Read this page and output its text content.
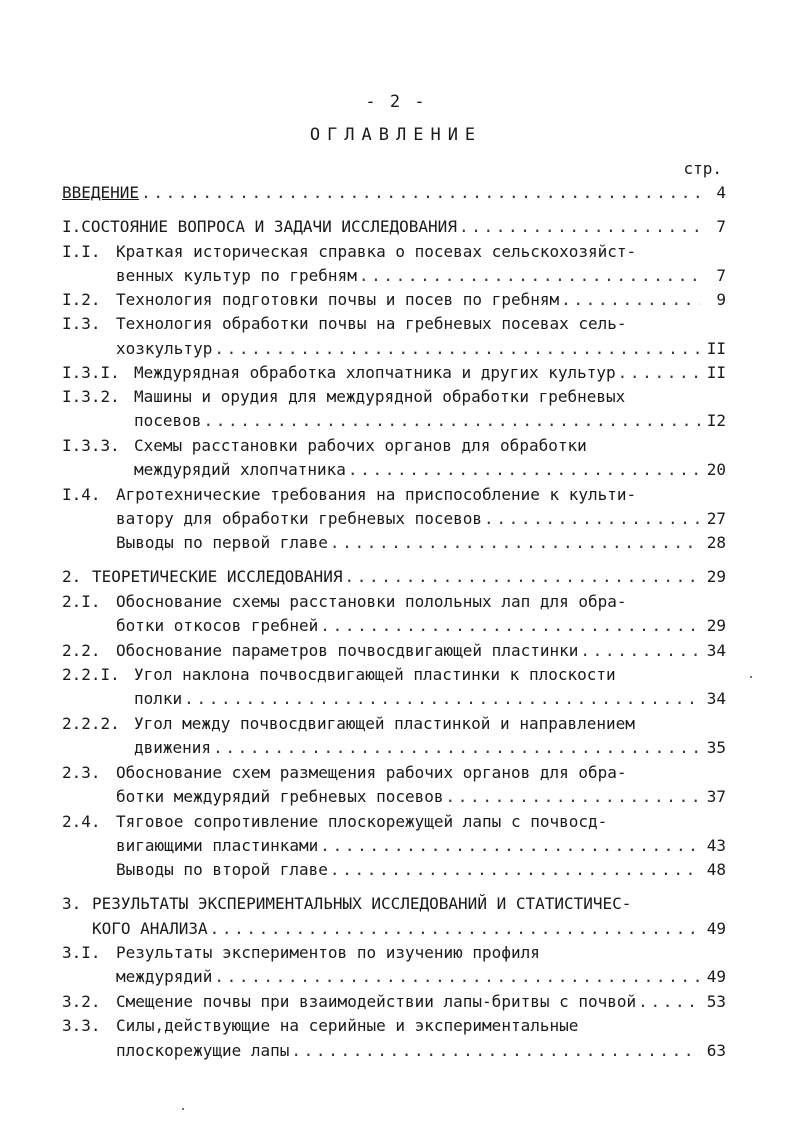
- 2 -
ОГЛАВЛЕНИЕ
стр.
ВВЕДЕНИЕ . . .	4
I. СОСТОЯНИЕ ВОПРОСА И ЗАДАЧИ ИССЛЕДОВАНИЯ . . .	7
I.I. Краткая историческая справка о посевах сельскохозяйст-
венных культур по гребням . . .	7
I.2. Технология подготовки почвы и посев по гребням . . .	9
I.3. Технология обработки почвы на гребневых посевах сель-
хозкультур . . .	II
I.3.I. Междурядная обработка хлопчатника и других культур . . .	II
I.3.2. Машины и орудия для междурядной обработки гребневых
посевов . . .	I2
I.3.3. Схемы расстановки рабочих органов для обработки
междурядий хлопчатника . . .	20
I.4. Агротехнические требования на приспособление к культи-
ватору для обработки гребневых посевов . . .	27
Выводы по первой главе . . .	28
2. ТЕОРЕТИЧЕСКИЕ ИССЛЕДОВАНИЯ . . .	29
2.I. Обоснование схемы расстановки полольных лап для обра-
ботки откосов гребней . . .	29
2.2. Обоснование параметров почвосдвигающей пластинки . . .	34
2.2.I. Угол наклона почвосдвигающей пластинки к плоскости
полки . . .	34
2.2.2. Угол между почвосдвигающей пластинкой и направлением
движения . . .	35
2.3. Обоснование схем размещения рабочих органов для обра-
ботки междурядий гребневых посевов . . .	37
2.4. Тяговое сопротивление плоскорежущей лапы с почвосд-
вигающими пластинками . . .	43
Выводы по второй главе . . .	48
3. РЕЗУЛЬТАТЫ ЭКСПЕРИМЕНТАЛЬНЫХ ИССЛЕДОВАНИЙ И СТАТИСТИЧЕС-
КОГО АНАЛИЗА . . .	49
3.I. Результаты экспериментов по изучению профиля
междурядий . . .	49
3.2. Смещение почвы при взаимодействии лапы-бритвы с почвой . . .	53
3.3. Силы,действующие на серийные и экспериментальные
плоскорежущие лапы . . .	63
